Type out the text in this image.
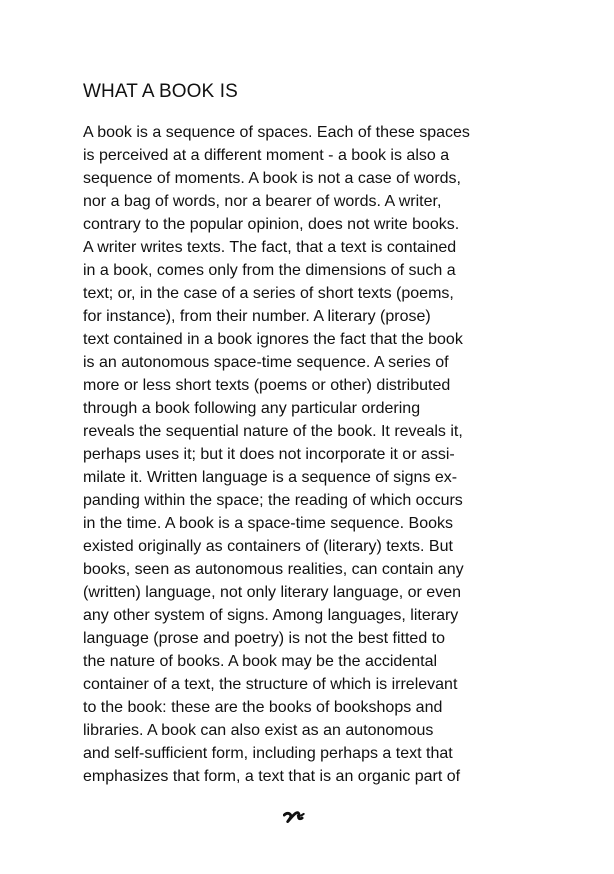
WHAT A BOOK IS
A book is a sequence of spaces. Each of these spaces
is perceived at a different moment - a book is also a
sequence of moments. A book is not a case of words,
nor a bag of words, nor a bearer of words. A writer,
contrary to the popular opinion, does not write books.
A writer writes texts. The fact, that a text is contained
in a book, comes only from the dimensions of such a
text; or, in the case of a series of short texts (poems,
for instance), from their number. A literary (prose)
text contained in a book ignores the fact that the book
is an autonomous space-time sequence. A series of
more or less short texts (poems or other) distributed
through a book following any particular ordering
reveals the sequential nature of the book. It reveals it,
perhaps uses it; but it does not incorporate it or assi-
milate it. Written language is a sequence of signs ex-
panding within the space; the reading of which occurs
in the time. A book is a space-time sequence. Books
existed originally as containers of (literary) texts. But
books, seen as autonomous realities, can contain any
(written) language, not only literary language, or even
any other system of signs. Among languages, literary
language (prose and poetry) is not the best fitted to
the nature of books. A book may be the accidental
container of a text, the structure of which is irrelevant
to the book: these are the books of bookshops and
libraries. A book can also exist as an autonomous
and self-sufficient form, including perhaps a text that
emphasizes that form, a text that is an organic part of
